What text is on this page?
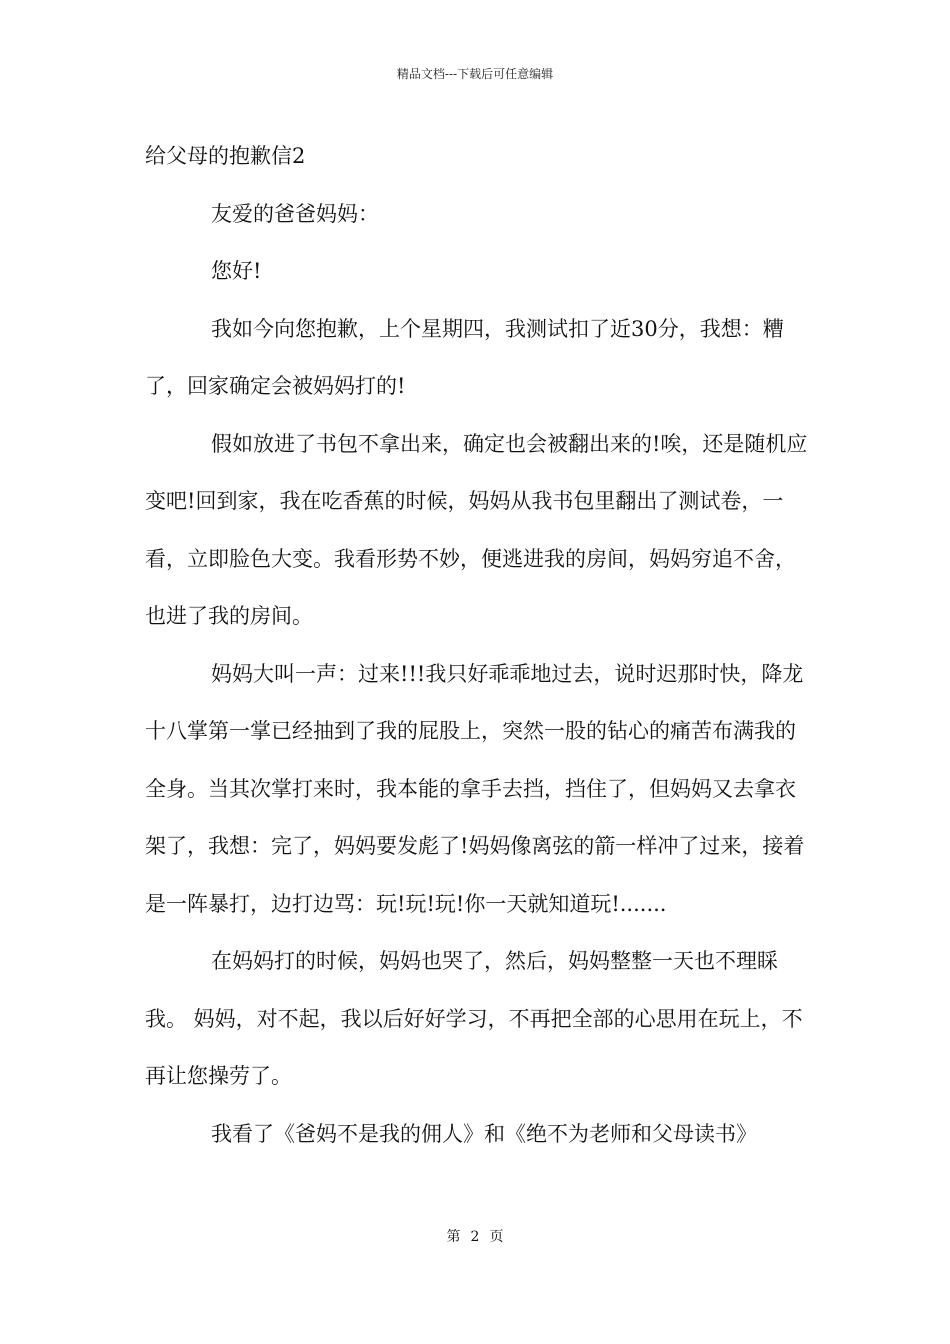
精品文档---下载后可任意编辑

给父母的抱歉信2

友爱的爸爸妈妈：

您好!

我如今向您抱歉，上个星期四，我测试扣了近30分，我想：糟了，回家确定会被妈妈打的!

假如放进了书包不拿出来，确定也会被翻出来的!唉，还是随机应变吧!回到家，我在吃香蕉的时候，妈妈从我书包里翻出了测试卷，一看，立即脸色大变。我看形势不妙，便逃进我的房间，妈妈穷追不舍，也进了我的房间。

妈妈大叫一声：过来!!!我只好乖乖地过去，说时迟那时快，降龙十八掌第一掌已经抽到了我的屁股上，突然一股的钻心的痛苦布满我的全身。当其次掌打来时，我本能的拿手去挡，挡住了，但妈妈又去拿衣架了，我想：完了，妈妈要发彪了!妈妈像离弦的箭一样冲了过来，接着是一阵暴打，边打边骂：玩!玩!玩!你一天就知道玩!.......

在妈妈打的时候，妈妈也哭了，然后，妈妈整整一天也不理睬我。 妈妈，对不起，我以后好好学习，不再把全部的心思用在玩上，不再让您操劳了。

我看了《爸妈不是我的佣人》和《绝不为老师和父母读书》

第 2 页
